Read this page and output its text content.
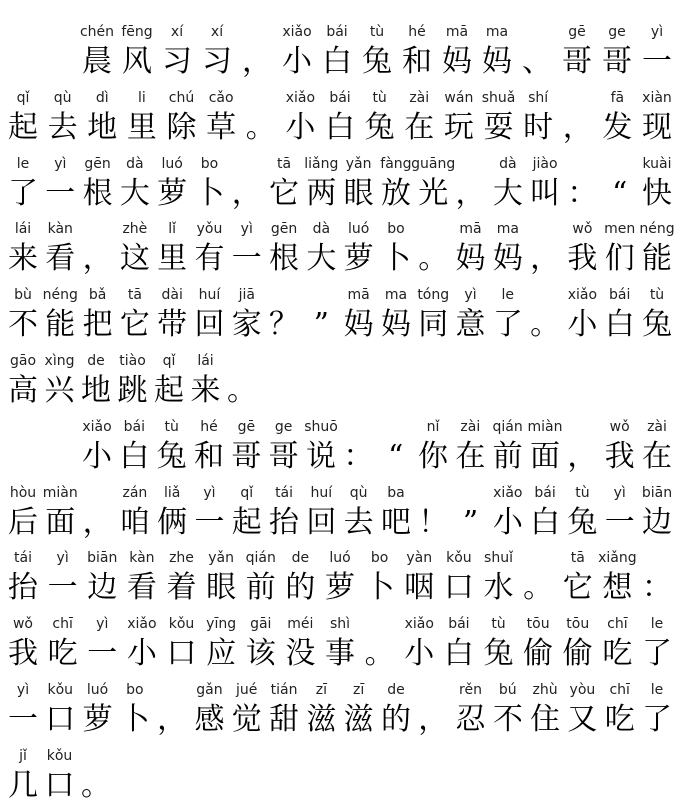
chén
晨
fēng
风
xí
习
xí
习 ，
xiǎo
小
bái
白
tù
兔
hé
和
mā
妈
ma
妈 、
gē
哥
ge
哥
yì
一
qǐ
起
qù
去
dì
地
li
里
chú
除
cǎo
草 。
xiǎo
小
bái
白
tù
兔
zài
在
wán
玩
shuǎ
耍
shí
时 ，
fā
发
xiàn
现
le
了
yì
一
gēn
根
dà
大
luó
萝
bo
卜 ，
tā
它
liǎng
两
yǎn
眼
fàng
放
guāng
光 ，
dà
大
jiào
叫 ： “
kuài
快
lái
来
kàn
看 ，
zhè
这
lǐ
里
yǒu
有
yì
一
gēn
根
dà
大
luó
萝
bo
卜 。
mā
妈
ma
妈 ，
wǒ
我
men
们
néng
能
bù
不
néng
能
bǎ
把
tā
它
dài
带
huí
回
jiā
家 ？ ”
mā
妈
ma
妈
tóng
同
yì
意
le
了 。
xiǎo
小
bái
白
tù
兔
gāo
高
xìng
兴
de
地
tiào
跳
qǐ
起
lái
来 。
xiǎo
小
bái
白
tù
兔
hé
和
gē
哥
ge
哥
shuō
说 ： “
nǐ
你
zài
在
qián
前
miàn
面 ，
wǒ
我
zài
在
hòu
后
miàn
面 ，
zán
咱
liǎ
俩
yì
一
qǐ
起
tái
抬
huí
回
qù
去
ba
吧 ！ ”
xiǎo
小
bái
白
tù
兔
yì
一
biān
边
tái
抬
yì
一
biān
边
kàn
看
zhe
着
yǎn
眼
qián
前
de
的
luó
萝
bo
卜
yàn
咽
kǒu
口
shuǐ
水 。
tā
它
xiǎng
想 ：
wǒ
我
chī
吃
yì
一
xiǎo
小
kǒu
口
yīng
应
gāi
该
méi
没
shì
事 。
xiǎo
小
bái
白
tù
兔
tōu
偷
tōu
偷
chī
吃
le
了
yì
一
kǒu
口
luó
萝
bo
卜 ，
gǎn
感
jué
觉
tián
甜
zī
滋
zī
滋
de
的 ，
rěn
忍
bú
不
zhù
住
yòu
又
chī
吃
le
了
jǐ
几
kǒu
口 。
